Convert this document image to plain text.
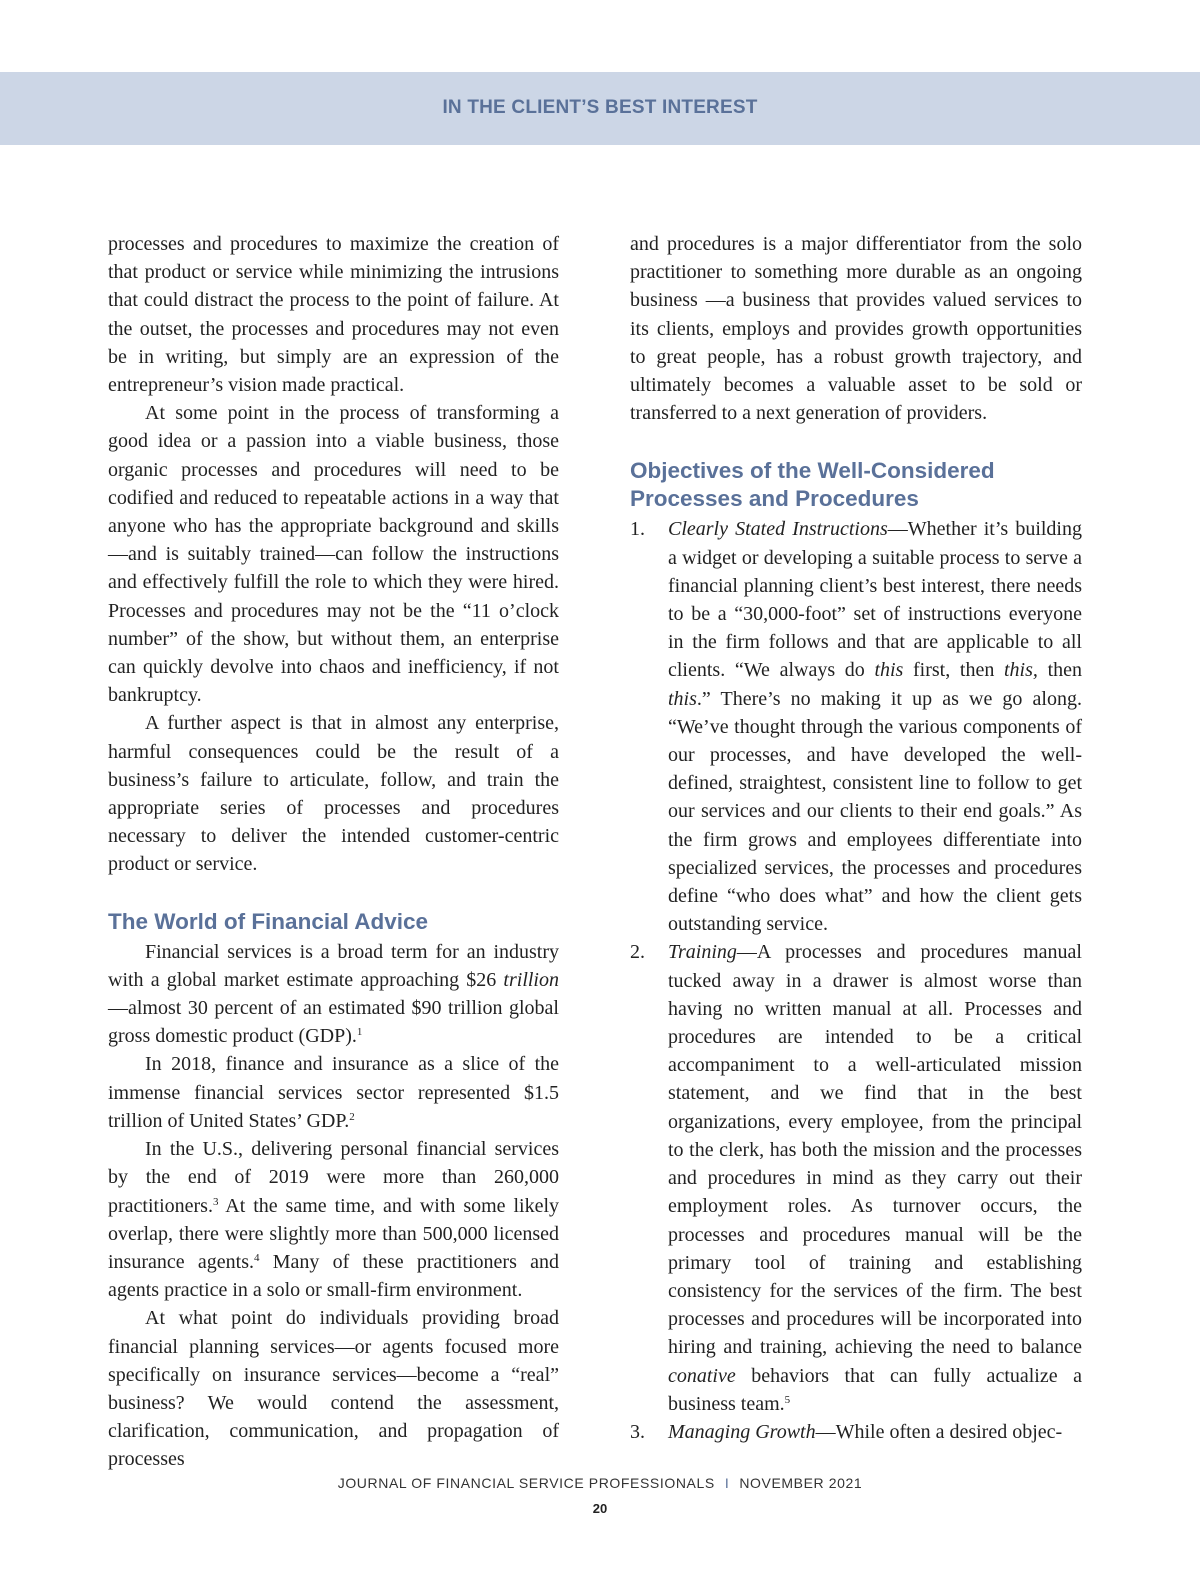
IN THE CLIENT’S BEST INTEREST

processes and procedures to maximize the creation of that product or service while minimizing the intrusions that could distract the process to the point of failure. At the outset, the processes and procedures may not even be in writing, but simply are an expression of the entrepreneur’s vision made practical.

At some point in the process of transforming a good idea or a passion into a viable business, those organic processes and procedures will need to be codified and reduced to repeatable actions in a way that anyone who has the appropriate background and skills—and is suitably trained—can follow the instructions and effectively fulfill the role to which they were hired. Processes and procedures may not be the “11 o’clock number” of the show, but without them, an enterprise can quickly devolve into chaos and inefficiency, if not bankruptcy.

A further aspect is that in almost any enterprise, harmful consequences could be the result of a business’s failure to articulate, follow, and train the appropriate series of processes and procedures necessary to deliver the intended customer-centric product or service.

The World of Financial Advice

Financial services is a broad term for an industry with a global market estimate approaching $26 trillion—almost 30 percent of an estimated $90 trillion global gross domestic product (GDP).$^1$

In 2018, finance and insurance as a slice of the immense financial services sector represented $1.5 trillion of United States’ GDP.$^2$

In the U.S., delivering personal financial services by the end of 2019 were more than 260,000 practitioners.$^3$ At the same time, and with some likely overlap, there were slightly more than 500,000 licensed insurance agents.$^4$ Many of these practitioners and agents practice in a solo or small-firm environment.

At what point do individuals providing broad financial planning services—or agents focused more specifically on insurance services—become a “real” business? We would contend the assessment, clarification, communication, and propagation of processes

and procedures is a major differentiator from the solo practitioner to something more durable as an ongoing business —a business that provides valued services to its clients, employs and provides growth opportunities to great people, has a robust growth trajectory, and ultimately becomes a valuable asset to be sold or transferred to a next generation of providers.

Objectives of the Well-Considered Processes and Procedures
1. Clearly Stated Instructions—Whether it’s building a widget or developing a suitable process to serve a financial planning client’s best interest, there needs to be a “30,000-foot” set of instructions everyone in the firm follows and that are applicable to all clients. “We always do this first, then this, then this.” There’s no making it up as we go along. “We’ve thought through the various components of our processes, and have developed the well-defined, straightest, consistent line to follow to get our services and our clients to their end goals.” As the firm grows and employees differentiate into specialized services, the processes and procedures define “who does what” and how the client gets outstanding service.
2. Training—A processes and procedures manual tucked away in a drawer is almost worse than having no written manual at all. Processes and procedures are intended to be a critical accompaniment to a well-articulated mission statement, and we find that in the best organizations, every employee, from the principal to the clerk, has both the mission and the processes and procedures in mind as they carry out their employment roles. As turnover occurs, the processes and procedures manual will be the primary tool of training and establishing consistency for the services of the firm. The best processes and procedures will be incorporated into hiring and training, achieving the need to balance conative behaviors that can fully actualize a business team.$^5$
3. Managing Growth—While often a desired objec-
JOURNAL OF FINANCIAL SERVICE PROFESSIONALS I NOVEMBER 2021
20
